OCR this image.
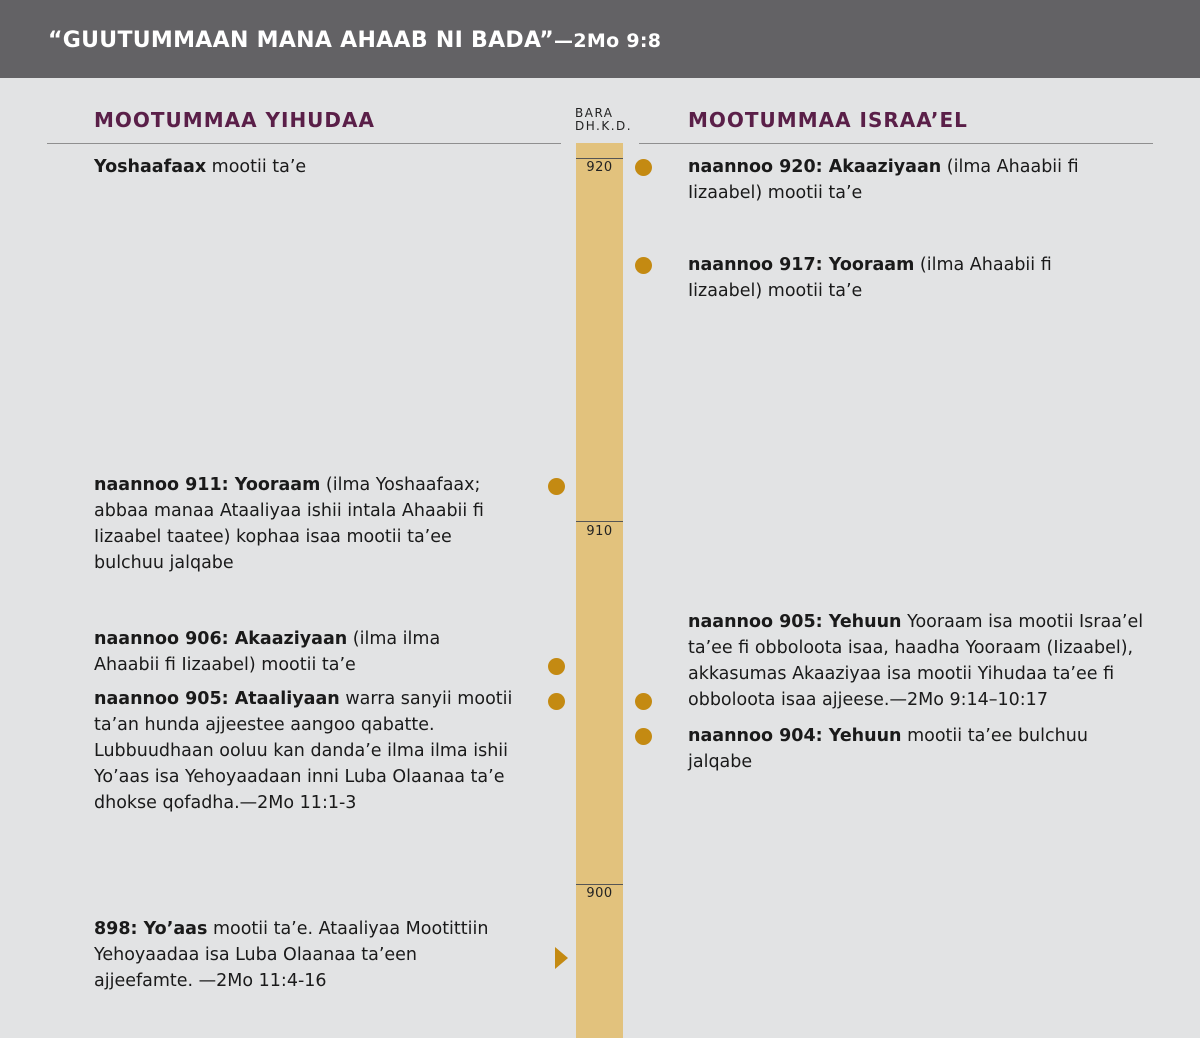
“GUUTUMMAAN MANA AHAAB NI BADA”—2Mo 9:8
MOOTUMMAA YIHUDAA	MOOTUMMAA ISRAA’EL
BARA
DH.K.D.
920
910
900
Yoshaafaax mootii ta’e
naannoo 911: Yooraam (ilma Yoshaafaax; abbaa manaa Ataaliyaa ishii intala Ahaabii fi Iizaabel taatee) kophaa isaa mootii ta’ee bulchuu jalqabe
naannoo 906: Akaaziyaan (ilma ilma Ahaabii fi Iizaabel) mootii ta’e
naannoo 905: Ataaliyaan warra sanyii mootii ta’an hunda ajjeestee aangoo qabatte. Lubbuudhaan ooluu kan danda’e ilma ilma ishii Yo’aas isa Yehoyaadaan inni Luba Olaanaa ta’e dhokse qofadha.—2Mo 11:1-3
898: Yo’aas mootii ta’e. Ataaliyaa Mootittiin Yehoyaadaa isa Luba Olaanaa ta’een ajjeefamte. —2Mo 11:4-16
naannoo 920: Akaaziyaan (ilma Ahaabii fi Iizaabel) mootii ta’e
naannoo 917: Yooraam (ilma Ahaabii fi Iizaabel) mootii ta’e
naannoo 905: Yehuun Yooraam isa mootii Israa’el ta’ee fi obboloota isaa, haadha Yooraam (Iizaabel), akkasumas Akaaziyaa isa mootii Yihudaa ta’ee fi obboloota isaa ajjeese.—2Mo 9:14–10:17
naannoo 904: Yehuun mootii ta’ee bulchuu jalqabe
